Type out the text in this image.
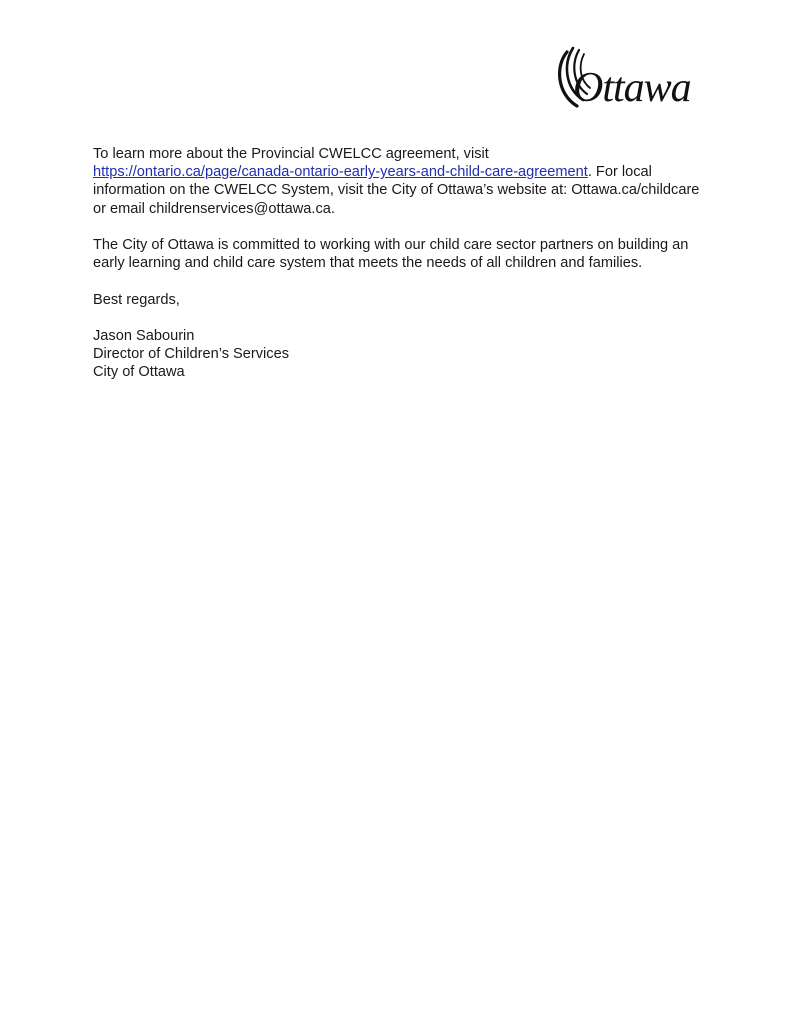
Ottawa

To learn more about the Provincial CWELCC agreement, visit
https://ontario.ca/page/canada-ontario-early-years-and-child-care-agreement. For local information on the CWELCC System, visit the City of Ottawa’s website at: Ottawa.ca/childcare or email childrenservices@ottawa.ca.

The City of Ottawa is committed to working with our child care sector partners on building an early learning and child care system that meets the needs of all children and families.

Best regards,

Jason Sabourin
Director of Children’s Services
City of Ottawa
